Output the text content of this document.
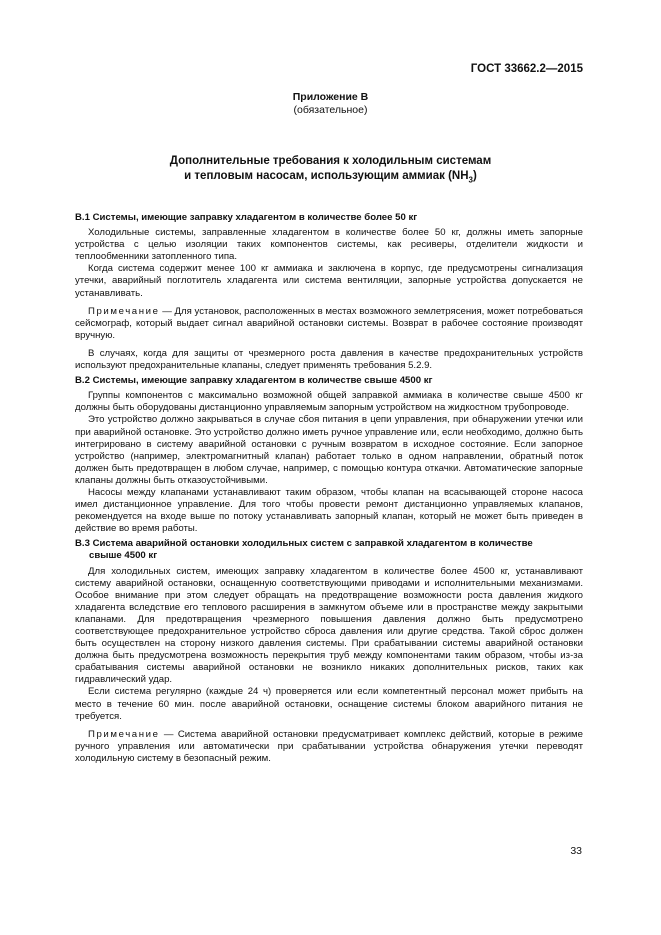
ГОСТ 33662.2—2015
Приложение В
(обязательное)
Дополнительные требования к холодильным системам
и тепловым насосам, использующим аммиак $(NH_3)$

В.1 Системы, имеющие заправку хладагентом в количестве более 50 кг

Холодильные системы, заправленные хладагентом в количестве более 50 кг, должны иметь запорные устройства с целью изоляции таких компонентов системы, как ресиверы, отделители жидкости и теплообменники затопленного типа.

Когда система содержит менее 100 кг аммиака и заключена в корпус, где предусмотрены сигнализация утечки, аварийный поглотитель хладагента или система вентиляции, запорные устройства допускается не устанавливать.

Примечание — Для установок, расположенных в местах возможного землетрясения, может потребоваться сейсмограф, который выдает сигнал аварийной остановки системы. Возврат в рабочее состояние производят вручную.

В случаях, когда для защиты от чрезмерного роста давления в качестве предохранительных устройств используют предохранительные клапаны, следует применять требования 5.2.9.

В.2 Системы, имеющие заправку хладагентом в количестве свыше 4500 кг

Группы компонентов с максимально возможной общей заправкой аммиака в количестве свыше 4500 кг должны быть оборудованы дистанционно управляемым запорным устройством на жидкостном трубопроводе.

Это устройство должно закрываться в случае сбоя питания в цепи управления, при обнаружении утечки или при аварийной остановке. Это устройство должно иметь ручное управление или, если необходимо, должно быть интегрировано в систему аварийной остановки с ручным возвратом в исходное состояние. Если запорное устройство (например, электромагнитный клапан) работает только в одном направлении, обратный поток должен быть предотвращен в любом случае, например, с помощью контура откачки. Автоматические запорные клапаны должны быть отказоустойчивыми.

Насосы между клапанами устанавливают таким образом, чтобы клапан на всасывающей стороне насоса имел дистанционное управление. Для того чтобы провести ремонт дистанционно управляемых клапанов, рекомендуется на входе выше по потоку устанавливать запорный клапан, который не может быть приведен в действие во время работы.

В.3 Система аварийной остановки холодильных систем с заправкой хладагентом в количестве
свыше 4500 кг

Для холодильных систем, имеющих заправку хладагентом в количестве более 4500 кг, устанавливают систему аварийной остановки, оснащенную соответствующими приводами и исполнительными механизмами. Особое внимание при этом следует обращать на предотвращение возможности роста давления жидкого хладагента вследствие его теплового расширения в замкнутом объеме или в пространстве между закрытыми клапанами. Для предотвращения чрезмерного повышения давления должно быть предусмотрено соответствующее предохранительное устройство сброса давления или другие средства. Такой сброс должен быть осуществлен на сторону низкого давления системы. При срабатывании системы аварийной остановки должна быть предусмотрена возможность перекрытия труб между компонентами таким образом, чтобы из-за срабатывания системы аварийной остановки не возникло никаких дополнительных рисков, таких как гидравлический удар.

Если система регулярно (каждые 24 ч) проверяется или если компетентный персонал может прибыть на место в течение 60 мин. после аварийной остановки, оснащение системы блоком аварийного питания не требуется.

Примечание — Система аварийной остановки предусматривает комплекс действий, которые в режиме ручного управления или автоматически при срабатывании устройства обнаружения утечки переводят холодильную систему в безопасный режим.

33
